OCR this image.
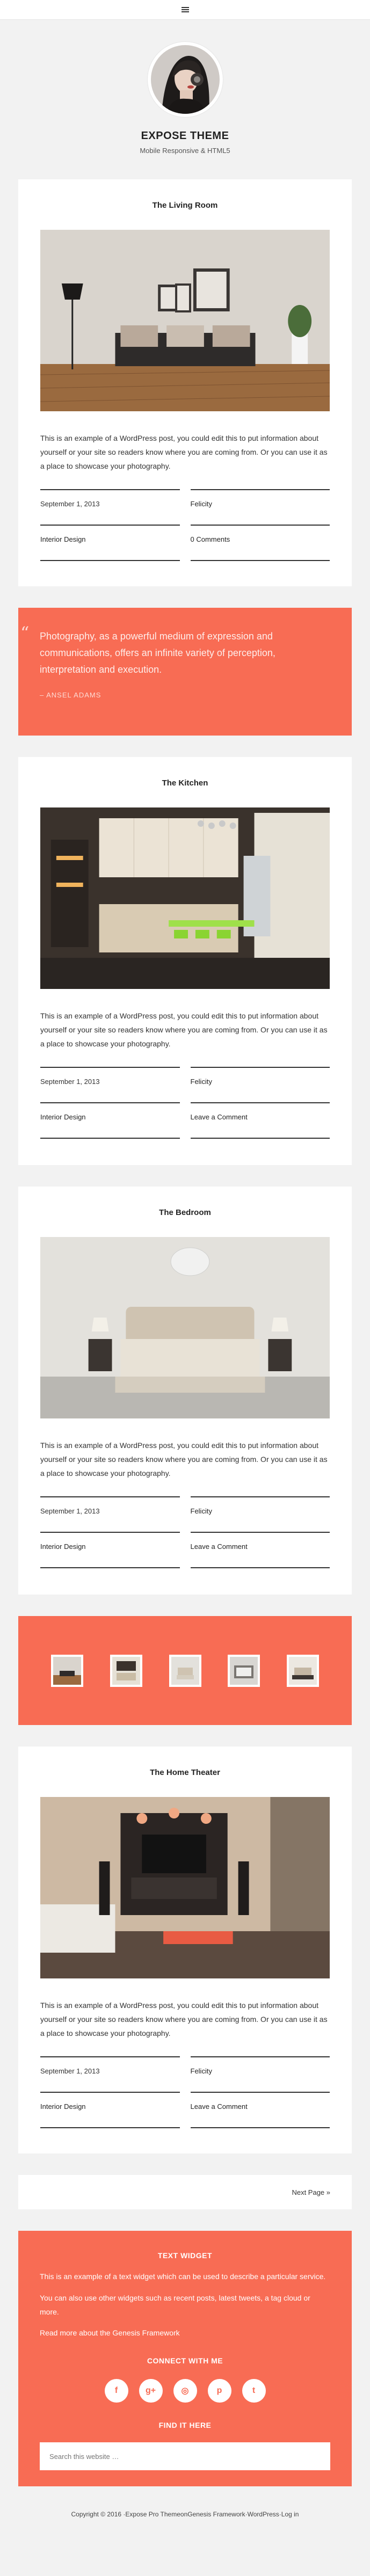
EXPOSE THEME

Mobile Responsive & HTML5

The Living Room

This is an example of a WordPress post, you could edit this to put information about yourself or your site so readers know where you are coming from. Or you can use it as a place to showcase your photography.

September 1, 2013	Felicity
Interior Design	0 Comments
“ Photography, as a powerful medium of expression and communications, offers an infinite variety of perception, interpretation and execution.

– ANSEL ADAMS
The Kitchen

This is an example of a WordPress post, you could edit this to put information about yourself or your site so readers know where you are coming from. Or you can use it as a place to showcase your photography.

September 1, 2013	Felicity
Interior Design	Leave a Comment
The Bedroom

This is an example of a WordPress post, you could edit this to put information about yourself or your site so readers know where you are coming from. Or you can use it as a place to showcase your photography.

September 1, 2013	Felicity
Interior Design	Leave a Comment
The Home Theater

This is an example of a WordPress post, you could edit this to put information about yourself or your site so readers know where you are coming from. Or you can use it as a place to showcase your photography.

September 1, 2013	Felicity
Interior Design	Leave a Comment
Next Page »
TEXT WIDGET

This is an example of a text widget which can be used to describe a particular service.

You can also use other widgets such as recent posts, latest tweets, a tag cloud or more.

Read more about the Genesis Framework
CONNECT WITH ME
f	g+	◎	p	t
FIND IT HERE
Search this website …
Copyright © 2016 · Expose Pro Theme on Genesis Framework · WordPress · Log in
